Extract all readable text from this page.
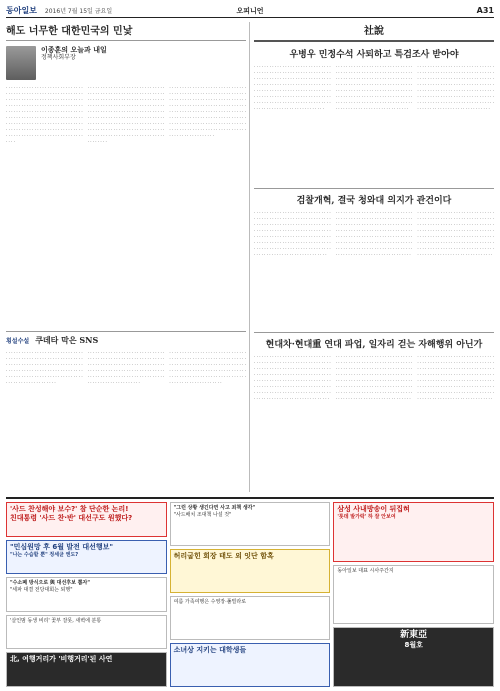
동아일보 2016년 7월 15일 금요일	오피니언	A31
해도 너무한 대한민국의 민낯
이종훈의 오늘과 내일
정책사회부장
· · · · · · · · · · · · · · · · · · · · · · · · · · · · · · · · · · · · · · · · · · · · · · · · · · · · · · · · · · · · · · · · · · · · · · · · · · · · · · · · · · · · · · · · · · · · · · · · · · · · · · · · · · · · · · · · · · · · · · · · · · · · · · · · · · · · · · · · · · · · · · · · · · · · · · · · · · · · · · · · · · · · · · · · · · · · · · · · · · · · · · · · · · · · · · · · · · · · · · · · · · · · · · · · · · · · · · · · · · · · · · · · · · · · · · · · · · · · · · · · · · · · · · · · · · · · · · · · · · · · · · · · · · · · · · · · · ·
· · · · · · · · · · · · · · · · · · · · · · · · · · · · · · · · · · · · · · · · · · · · · · · · · · · · · · · · · · · · · · · · · · · · · · · · · · · · · · · · · · · · · · · · · · · · · · · · · · · · · · · · · · · · · · · · · · · · · · · · · · · · · · · · · · · · · · · · · · · · · · · · · · · · · · · · · · · · · · · · · · · · · · · · · · · · · · · · · · · · · · · · · · · · · · · · · · · · · · · · · · · · · · · · · · · · · · · · · · · · · · · · · · · · · · · · · · · · · · · · · · · · · · · · · · · · · · · · · · · · · · · · · · · · · · · · · · · · · ·
· · · · · · · · · · · · · · · · · · · · · · · · · · · · · · · · · · · · · · · · · · · · · · · · · · · · · · · · · · · · · · · · · · · · · · · · · · · · · · · · · · · · · · · · · · · · · · · · · · · · · · · · · · · · · · · · · · · · · · · · · · · · · · · · · · · · · · · · · · · · · · · · · · · · · · · · · · · · · · · · · · · · · · · · · · · · · · · · · · · · · · · · · · · · · · · · · · · · · · · · · · · · · · · · · · · · · · · · · · · · · · · · · · · · · · · · · · · · · · · · · · · · · · · · · · · · · · · · · ·
횡설수설 쿠데타 막은 SNS
· · · · · · · · · · · · · · · · · · · · · · · · · · · · · · · · · · · · · · · · · · · · · · · · · · · · · · · · · · · · · · · · · · · · · · · · · · · · · · · · · · · · · · · · · · · · · · · · · · · · · · · · · · · · · · · · · · · · · · · · · · · · · · · · · · · · · · · · · · · · · · · · · · · · · · · · · · · · · · · · · · · · · · · · · ·
· · · · · · · · · · · · · · · · · · · · · · · · · · · · · · · · · · · · · · · · · · · · · · · · · · · · · · · · · · · · · · · · · · · · · · · · · · · · · · · · · · · · · · · · · · · · · · · · · · · · · · · · · · · · · · · · · · · · · · · · · · · · · · · · · · · · · · · · · · · · · · · · · · · · · · · · · · · · · · · · · · · · · · · · · · ·
· · · · · · · · · · · · · · · · · · · · · · · · · · · · · · · · · · · · · · · · · · · · · · · · · · · · · · · · · · · · · · · · · · · · · · · · · · · · · · · · · · · · · · · · · · · · · · · · · · · · · · · · · · · · · · · · · · · · · · · · · · · · · · · · · · · · · · · · · · · · · · · · · · · · · · · · · · · · · · · · · · · · · · · · · · ·
社說
우병우 민정수석 사퇴하고 특검조사 받아야
· · · · · · · · · · · · · · · · · · · · · · · · · · · · · · · · · · · · · · · · · · · · · · · · · · · · · · · · · · · · · · · · · · · · · · · · · · · · · · · · · · · · · · · · · · · · · · · · · · · · · · · · · · · · · · · · · · · · · · · · · · · · · · · · · · · · · · · · · · · · · · · · · · · · · · · · · · · · · · · · · · · · · · · · · · · · · · · · · · · · · · · · · · · · · · · · · · · · · · · · · · · · · · · · · · · · · · · · · · · · · · · · · · · · · · · · · · · · · ·
· · · · · · · · · · · · · · · · · · · · · · · · · · · · · · · · · · · · · · · · · · · · · · · · · · · · · · · · · · · · · · · · · · · · · · · · · · · · · · · · · · · · · · · · · · · · · · · · · · · · · · · · · · · · · · · · · · · · · · · · · · · · · · · · · · · · · · · · · · · · · · · · · · · · · · · · · · · · · · · · · · · · · · · · · · · · · · · · · · · · · · · · · · · · · · · · · · · · · · · · · · · · · · · · · · · · · · · · · · · · · · · · · · · · · · · · · · · · · · ·
· · · · · · · · · · · · · · · · · · · · · · · · · · · · · · · · · · · · · · · · · · · · · · · · · · · · · · · · · · · · · · · · · · · · · · · · · · · · · · · · · · · · · · · · · · · · · · · · · · · · · · · · · · · · · · · · · · · · · · · · · · · · · · · · · · · · · · · · · · · · · · · · · · · · · · · · · · · · · · · · · · · · · · · · · · · · · · · · · · · · · · · · · · · · · · · · · · · · · · · · · · · · · · · · · · · · · · · · · · · · · · · · · · · · · · · · · · · · · · ·
검찰개혁, 결국 청와대 의지가 관건이다
· · · · · · · · · · · · · · · · · · · · · · · · · · · · · · · · · · · · · · · · · · · · · · · · · · · · · · · · · · · · · · · · · · · · · · · · · · · · · · · · · · · · · · · · · · · · · · · · · · · · · · · · · · · · · · · · · · · · · · · · · · · · · · · · · · · · · · · · · · · · · · · · · · · · · · · · · · · · · · · · · · · · · · · · · · · · · · · · · · · · · · · · · · · · · · · · · · · · · · · · · · · · · · · · · · · · · · · · · · · · · · · · · · · · · · · · · · · · · · ·
· · · · · · · · · · · · · · · · · · · · · · · · · · · · · · · · · · · · · · · · · · · · · · · · · · · · · · · · · · · · · · · · · · · · · · · · · · · · · · · · · · · · · · · · · · · · · · · · · · · · · · · · · · · · · · · · · · · · · · · · · · · · · · · · · · · · · · · · · · · · · · · · · · · · · · · · · · · · · · · · · · · · · · · · · · · · · · · · · · · · · · · · · · · · · · · · · · · · · · · · · · · · · · · · · · · · · · · · · · · · · · · · · · · · · · · · · · · · · · · ·
· · · · · · · · · · · · · · · · · · · · · · · · · · · · · · · · · · · · · · · · · · · · · · · · · · · · · · · · · · · · · · · · · · · · · · · · · · · · · · · · · · · · · · · · · · · · · · · · · · · · · · · · · · · · · · · · · · · · · · · · · · · · · · · · · · · · · · · · · · · · · · · · · · · · · · · · · · · · · · · · · · · · · · · · · · · · · · · · · · · · · · · · · · · · · · · · · · · · · · · · · · · · · · · · · · · · · · · · · · · · · · · · · · · · · · · · · · · · · · · ·
현대차·현대重 연대 파업, 일자리 걷는 자해행위 아닌가
· · · · · · · · · · · · · · · · · · · · · · · · · · · · · · · · · · · · · · · · · · · · · · · · · · · · · · · · · · · · · · · · · · · · · · · · · · · · · · · · · · · · · · · · · · · · · · · · · · · · · · · · · · · · · · · · · · · · · · · · · · · · · · · · · · · · · · · · · · · · · · · · · · · · · · · · · · · · · · · · · · · · · · · · · · · · · · · · · · · · · · · · · · · · · · · · · · · · · · · · · · · · · · · · · · · · · · · · · · · · · · · · · · · · · · · · · · · · · · · ·
· · · · · · · · · · · · · · · · · · · · · · · · · · · · · · · · · · · · · · · · · · · · · · · · · · · · · · · · · · · · · · · · · · · · · · · · · · · · · · · · · · · · · · · · · · · · · · · · · · · · · · · · · · · · · · · · · · · · · · · · · · · · · · · · · · · · · · · · · · · · · · · · · · · · · · · · · · · · · · · · · · · · · · · · · · · · · · · · · · · · · · · · · · · · · · · · · · · · · · · · · · · · · · · · · · · · · · · · · · · · · · · · · · · · · · · · · · · · · · · ·
· · · · · · · · · · · · · · · · · · · · · · · · · · · · · · · · · · · · · · · · · · · · · · · · · · · · · · · · · · · · · · · · · · · · · · · · · · · · · · · · · · · · · · · · · · · · · · · · · · · · · · · · · · · · · · · · · · · · · · · · · · · · · · · · · · · · · · · · · · · · · · · · · · · · · · · · · · · · · · · · · · · · · · · · · · · · · · · · · · · · · · · · · · · · · · · · · · · · · · · · · · · · · · · · · · · · · · · · · · · · · · · · · · · · · · · · · · · · · · · ·
'사드 찬성해야 보수?' 참 단순한 논리!
친대통령 '사드 찬·반' 대선구도 원했다?
"민심원망 후 6월 발전 대선행보"
"나는 수습할 뿐" 정세균 엔도?
"수소폐 방식으로 與 대선후보 뽑자"
"세파 대결 전당대회는 퇴행"
'살인범 동생 비리' 꽃부 잘못, 새벽에 분통
北, 여행거리가 '비행거리'된 사연
"그런 상황 생긴다면 사고 죄책 생각"
"사드배치 조대책 나설 것"
허리굽힌 회장 태도 외 잇단 함혹
여름 가족여행은 수영장·풀빌라로
소녀상 지키는 대학생들
삼성 사내방송이 뒤집혀
'롯데 발가락' 하 잘 안보여
동아일보 대표 시사주간지
新東亞
8월호
